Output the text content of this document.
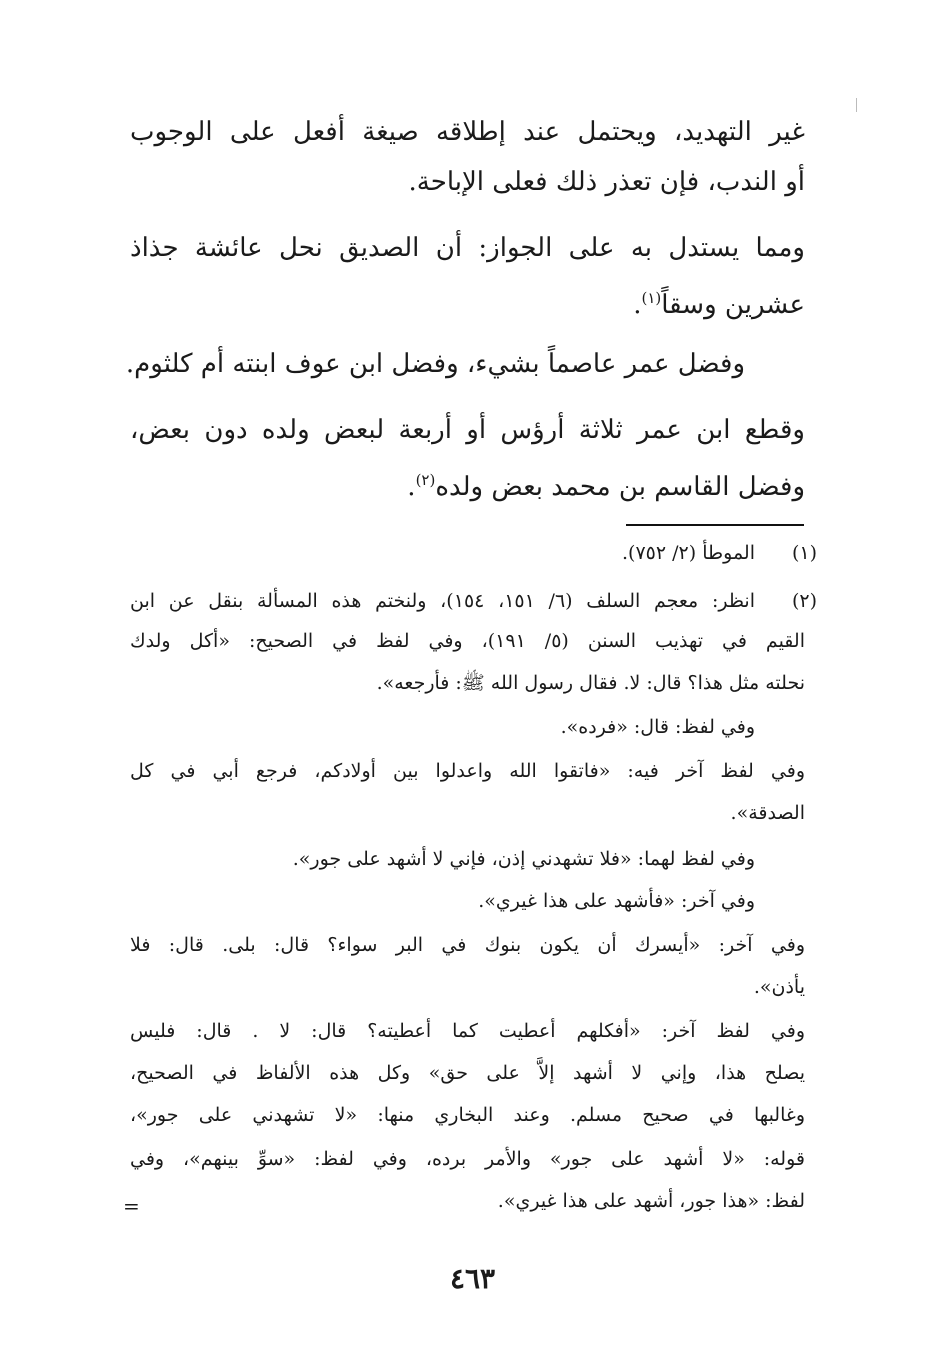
غير التهديد، ويحتمل عند إطلاقه صيغة أفعل على الوجوب
أو الندب، فإن تعذر ذلك فعلى الإباحة.
ومما يستدل به على الجواز: أن الصديق نحل عائشة جذاذ
عشرين وسقاً$^{(١)}$.
وفضل عمر عاصماً بشيء، وفضل ابن عوف ابنته أم كلثوم.
وقطع ابن عمر ثلاثة أرؤس أو أربعة لبعض ولده دون بعض،
وفضل القاسم بن محمد بعض ولده$^{(٢)}$.
(١)
الموطأ (٢/ ٧٥٢).
(٢)
انظر: معجم السلف (٦/ ١٥١، ١٥٤)، ولنختم هذه المسألة بنقل عن ابن
القيم في تهذيب السنن (٥/ ١٩١)، وفي لفظ في الصحيح: «أكل ولدك
نحلته مثل هذا؟ قال: لا. فقال رسول الله ﷺ: فأرجعه».
وفي لفظ: قال: «فرده».
وفي لفظ آخر فيه: «فاتقوا الله واعدلوا بين أولادكم، فرجع أبي في كل
الصدقة».
وفي لفظ لهما: «فلا تشهدني إذن، فإني لا أشهد على جور».
وفي آخر: «فأشهد على هذا غيري».
وفي آخر: «أيسرك أن يكون بنوك في البر سواء؟ قال: بلى. قال: فلا
يأذن».
وفي لفظ آخر: «أفكلهم أعطيت كما أعطيته؟ قال: لا . قال: فليس
يصلح هذا، وإني لا أشهد إلاَّ على حق» وكل هذه الألفاظ في الصحيح،
وغالبها في صحيح مسلم. وعند البخاري منها: «لا تشهدني على جور»،
قوله: «لا أشهد على جور» والأمر برده، وفي لفظ: «سوِّ بينهم»، وفي
لفظ: «هذا جور، أشهد على هذا غيري».
=
٤٦٣
